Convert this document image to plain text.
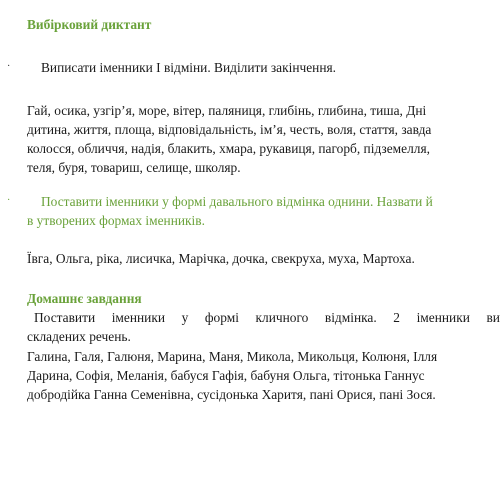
Вибірковий диктант
· Виписати іменники І відміни. Виділити закінчення.
Гай, осика, узгір’я, море, вітер, паляниця, глибінь, глибина, тиша, Дні
дитина, життя, площа, відповідальність, ім’я, честь, воля, стаття, завда
колосся, обличчя, надія, блакить, хмара, рукавиця, пагорб, підземелля,
теля, буря, товариш, селище, школяр.
· Поставити іменники у формі давального відмінка однини. Назвати й
в утворених формах іменників.
Ївга, Ольга, ріка, лисичка, Марічка, дочка, свекруха, муха, Мартоха.
Домашнє завдання
Поставити іменники у формі кличного відмінка. 2 іменники ви
складених речень.
Галина, Галя, Галюня, Марина, Маня, Микола, Микольця, Колюня, Ілля
Дарина, Софія, Меланія, бабуся Гафія, бабуня Ольга, тітонька Ганнус
добродійка Ганна Семенівна, сусідонька Харитя, пані Орися, пані Зося.
